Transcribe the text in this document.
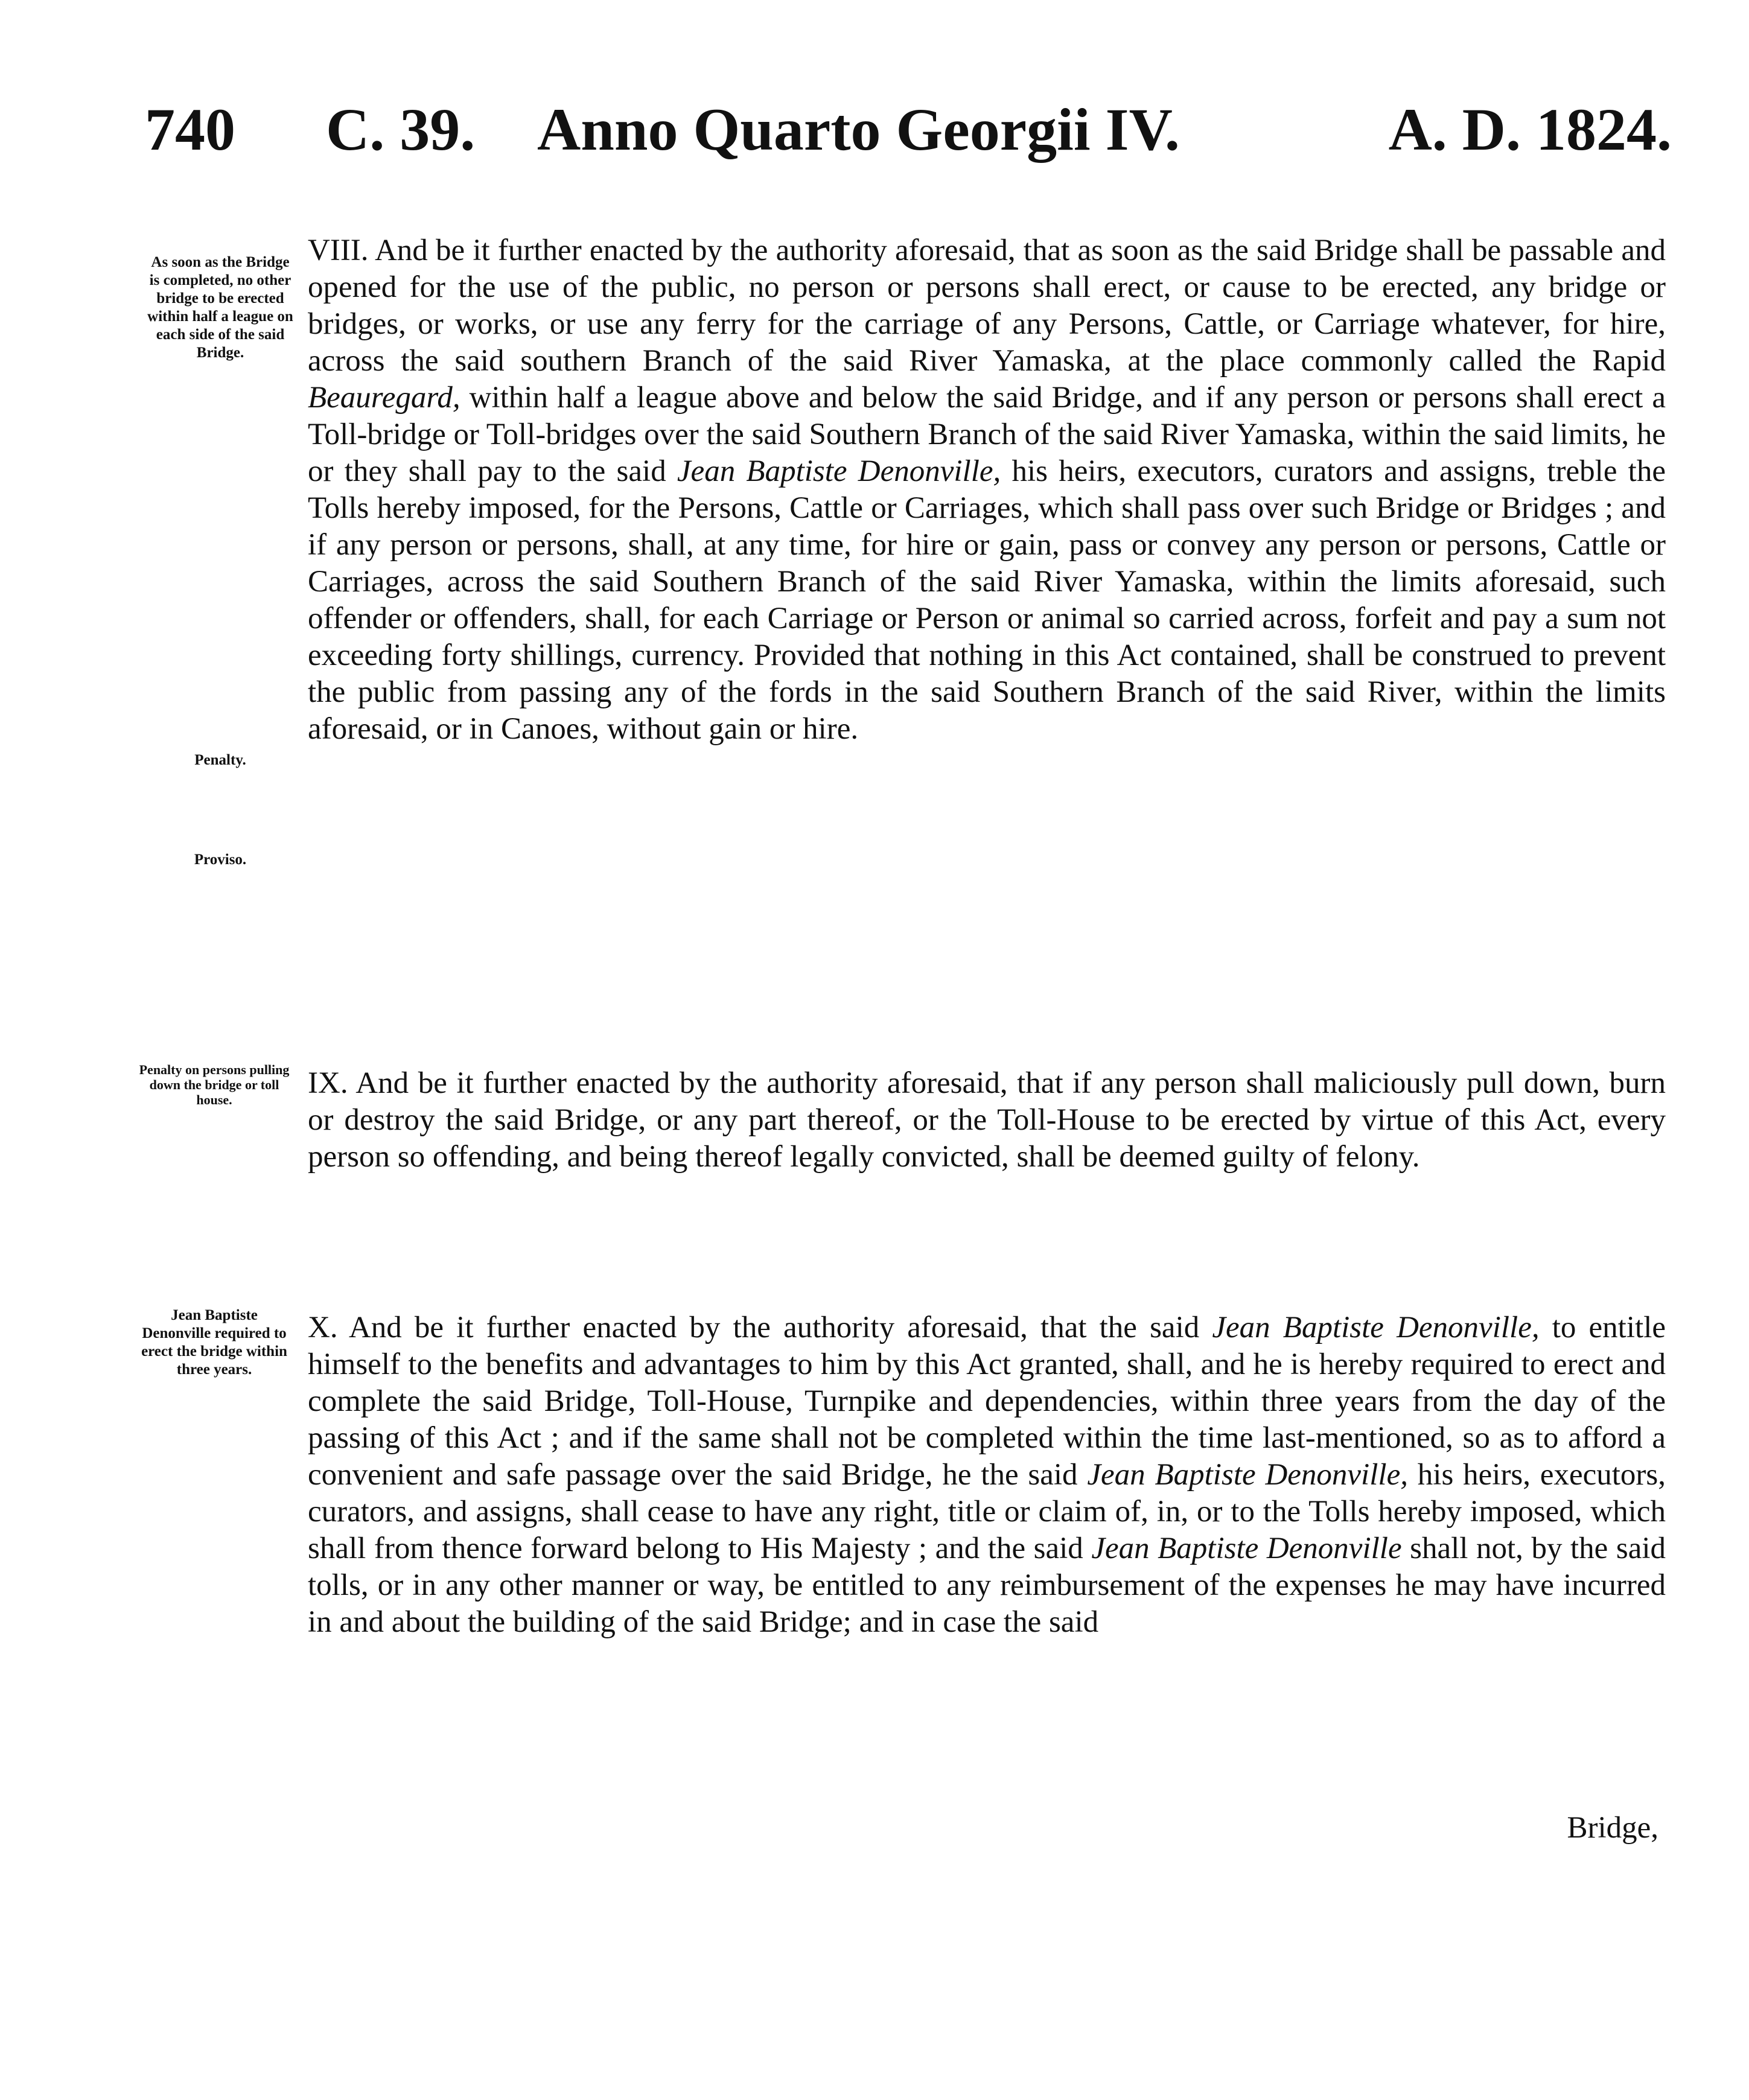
740 C. 39. Anno Quarto Georgii IV.	A. D. 1824.
As soon as the Bridge is completed, no other bridge to be erected within half a league on each side of the said Bridge.
Penalty.
Proviso.
VIII. And be it further enacted by the authority aforesaid, that as soon as the said Bridge shall be passable and opened for the use of the public, no person or persons shall erect, or cause to be erected, any bridge or bridges, or works, or use any ferry for the carriage of any Persons, Cattle, or Carriage whatever, for hire, across the said southern Branch of the said River Yamaska, at the place commonly called the Rapid Beauregard, within half a league above and below the said Bridge, and if any person or persons shall erect a Toll-bridge or Toll-bridges over the said Southern Branch of the said River Yamaska, within the said limits, he or they shall pay to the said Jean Baptiste Denonville, his heirs, executors, curators and assigns, treble the Tolls hereby imposed, for the Persons, Cattle or Carriages, which shall pass over such Bridge or Bridges ; and if any person or persons, shall, at any time, for hire or gain, pass or convey any person or persons, Cattle or Carriages, across the said Southern Branch of the said River Yamaska, within the limits aforesaid, such offender or offenders, shall, for each Carriage or Person or animal so carried across, forfeit and pay a sum not exceeding forty shillings, currency. Provided that nothing in this Act contained, shall be construed to prevent the public from passing any of the fords in the said Southern Branch of the said River, within the limits aforesaid, or in Canoes, without gain or hire.
Penalty on persons pulling down the bridge or toll house.	IX. And be it further enacted by the authority aforesaid, that if any person shall maliciously pull down, burn or destroy the said Bridge, or any part thereof, or the Toll-House to be erected by virtue of this Act, every person so offending, and being thereof legally convicted, shall be deemed guilty of felony.
Jean Baptiste Denonville required to erect the bridge within three years.
X. And be it further enacted by the authority aforesaid, that the said Jean Baptiste Denonville, to entitle himself to the benefits and advantages to him by this Act granted, shall, and he is hereby required to erect and complete the said Bridge, Toll-House, Turnpike and dependencies, within three years from the day of the passing of this Act ; and if the same shall not be completed within the time last-mentioned, so as to afford a convenient and safe passage over the said Bridge, he the said Jean Baptiste Denonville, his heirs, executors, curators, and assigns, shall cease to have any right, title or claim of, in, or to the Tolls hereby imposed, which shall from thence forward belong to His Majesty ; and the said Jean Baptiste Denonville shall not, by the said tolls, or in any other manner or way, be entitled to any reimbursement of the expenses he may have incurred in and about the building of the said Bridge; and in case the said
Bridge,
